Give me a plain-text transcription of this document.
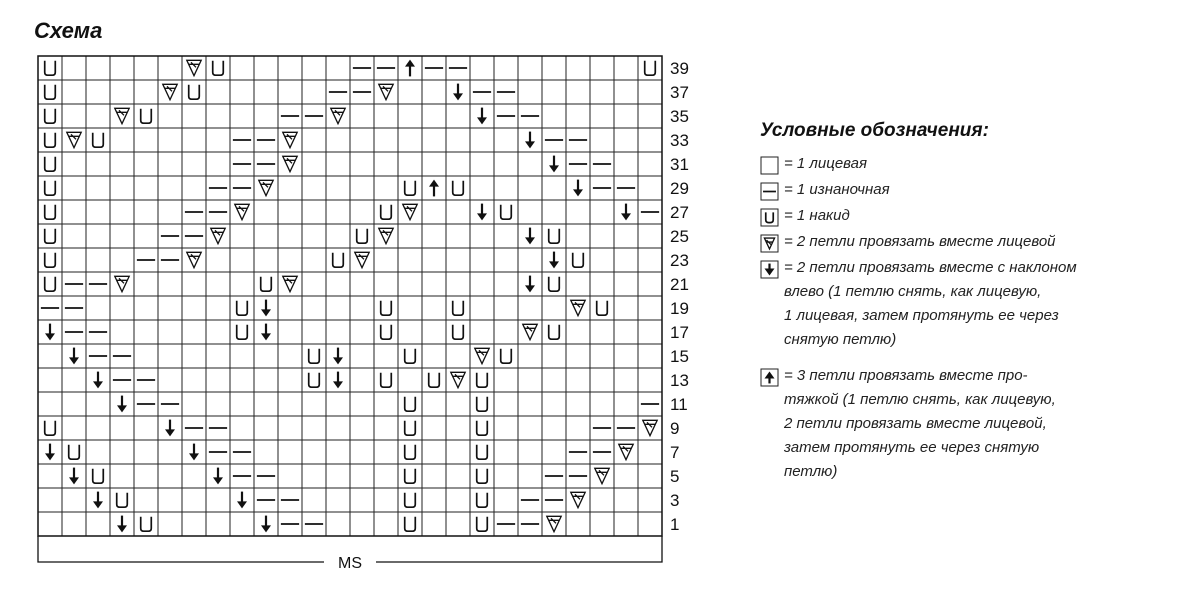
Схема
39
37
35
33
31
29
27
25
23
21
19
17
15
13
11
9
7
5
3
1
MS
Условные обозначения:
= 1 лицевая
= 1 изнаночная
= 1 накид
= 2 петли провязать вместе лицевой
= 2 петли провязать вместе с наклоном
влево (1 петлю снять, как лицевую,
1 лицевая, затем протянуть ее через
снятую петлю)
= 3 петли провязать вместе про-
тяжкой (1 петлю снять, как лицевую,
2 петли провязать вместе лицевой,
затем протянуть ее через снятую
петлю)
